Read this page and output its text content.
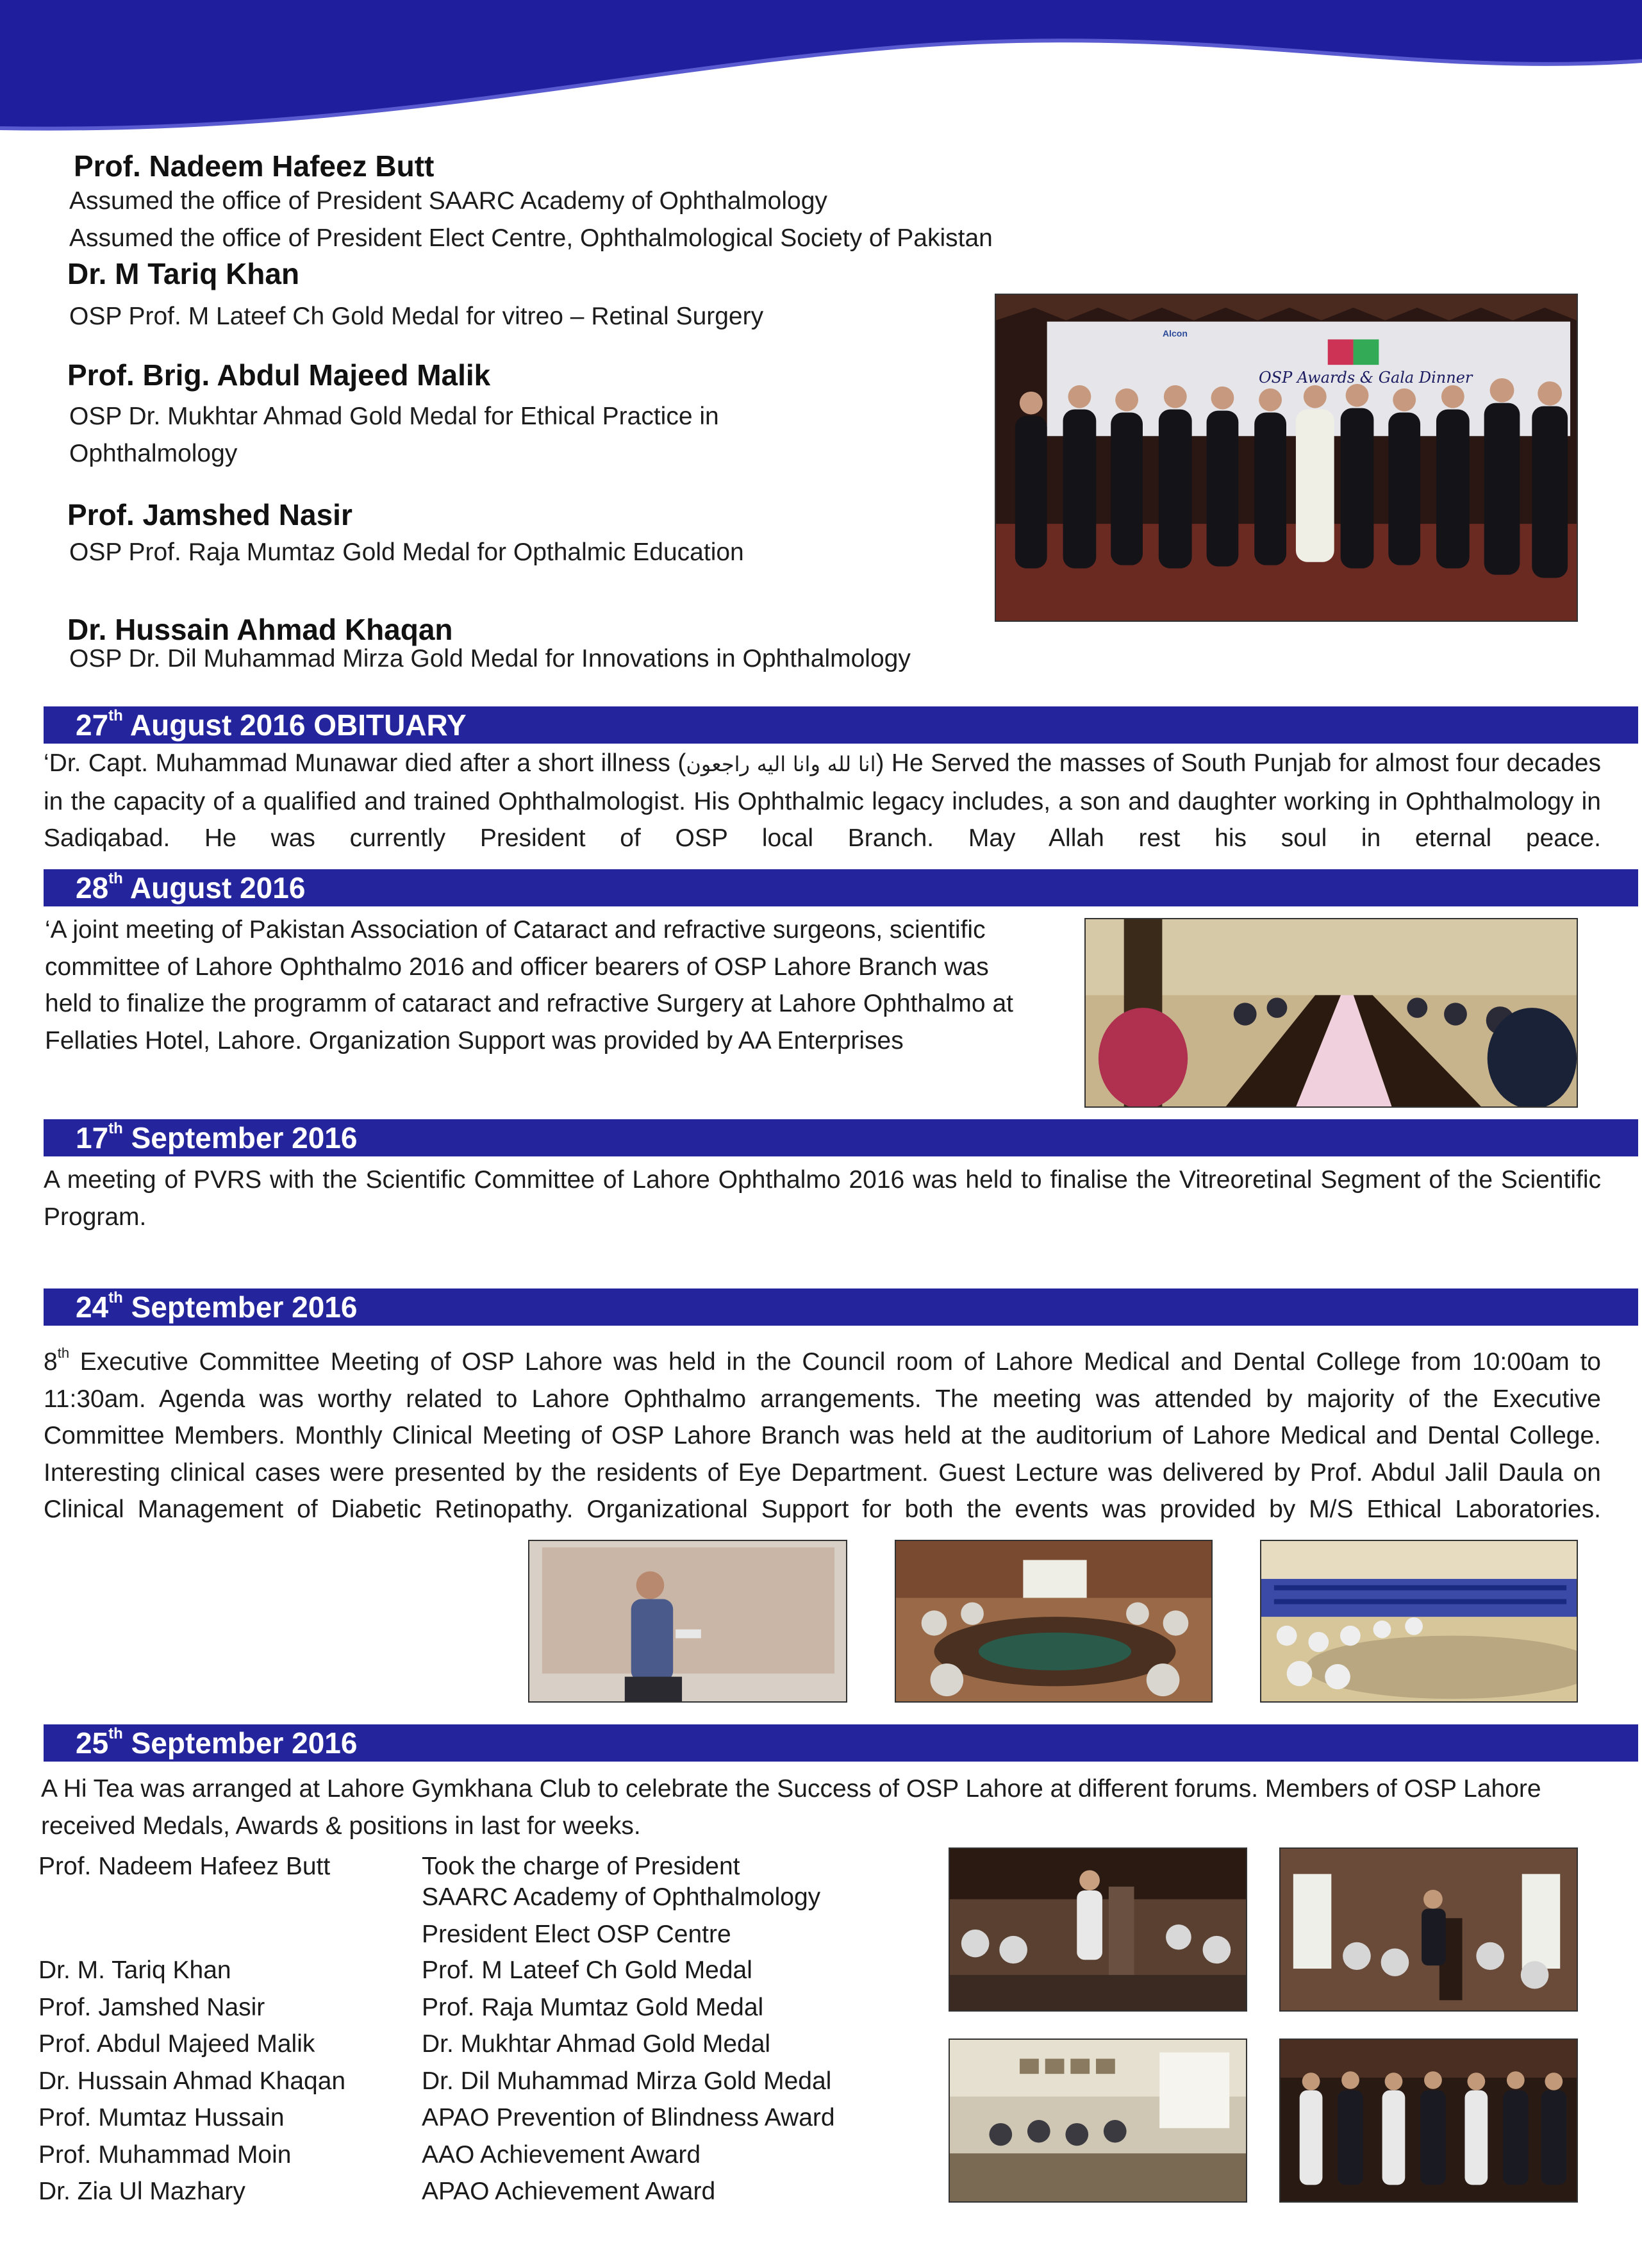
Prof. Nadeem Hafeez Butt
Assumed the office of President SAARC Academy of Ophthalmology
Assumed the office of President Elect Centre, Ophthalmological Society of Pakistan
Dr. M Tariq Khan
OSP Prof. M Lateef Ch Gold Medal for vitreo – Retinal Surgery
Prof. Brig. Abdul Majeed Malik
OSP Dr. Mukhtar Ahmad Gold Medal for Ethical Practice in
Ophthalmology
Prof. Jamshed Nasir
OSP Prof. Raja Mumtaz Gold Medal for Opthalmic Education
Dr. Hussain Ahmad Khaqan
OSP Dr. Dil Muhammad Mirza Gold Medal for Innovations in Ophthalmology
OSP Awards & Gala Dinner
Alcon
27th August 2016 OBITUARY
‘Dr. Capt. Muhammad Munawar died after a short illness (انا لله وانا اليه راجعون) He Served the masses of South Punjab for almost four decades in the capacity of a qualified and trained Ophthalmologist. His Ophthalmic legacy includes, a son and daughter working in Ophthalmology in Sadiqabad. He was currently President of OSP local Branch. May Allah rest his soul in eternal peace.
28th August 2016
‘A joint meeting of Pakistan Association of Cataract and refractive surgeons, scientific committee of Lahore Ophthalmo 2016 and officer bearers of OSP Lahore Branch was held to finalize the programm of cataract and refractive Surgery at Lahore Ophthalmo at Fellaties Hotel, Lahore. Organization Support was provided by AA Enterprises
17th September 2016
A meeting of PVRS with the Scientific Committee of Lahore Ophthalmo 2016 was held to finalise the Vitreoretinal Segment of the Scientific Program.
24th September 2016
8th Executive Committee Meeting of OSP Lahore was held in the Council room of Lahore Medical and Dental College from 10:00am to 11:30am. Agenda was worthy related to Lahore Ophthalmo arrangements. The meeting was attended by majority of the Executive Committee Members. Monthly Clinical Meeting of OSP Lahore Branch was held at the auditorium of Lahore Medical and Dental College. Interesting clinical cases were presented by the residents of Eye Department. Guest Lecture was delivered by Prof. Abdul Jalil Daula on Clinical Management of Diabetic Retinopathy. Organizational Support for both the events was provided by M/S Ethical Laboratories.
25th September 2016
A Hi Tea was arranged at Lahore Gymkhana Club to celebrate the Success of OSP Lahore at different forums. Members of OSP Lahore received Medals, Awards & positions in last for weeks.
Prof. Nadeem Hafeez Butt	Took the charge of President
SAARC Academy of Ophthalmology
President Elect OSP Centre
Dr. M. Tariq Khan	Prof. M Lateef Ch Gold Medal
Prof. Jamshed Nasir	Prof. Raja Mumtaz Gold Medal
Prof. Abdul Majeed Malik	Dr. Mukhtar Ahmad Gold Medal
Dr. Hussain Ahmad Khaqan	Dr. Dil Muhammad Mirza Gold Medal
Prof. Mumtaz Hussain	APAO Prevention of Blindness Award
Prof. Muhammad Moin	AAO Achievement Award
Dr. Zia Ul Mazhary	APAO Achievement Award
